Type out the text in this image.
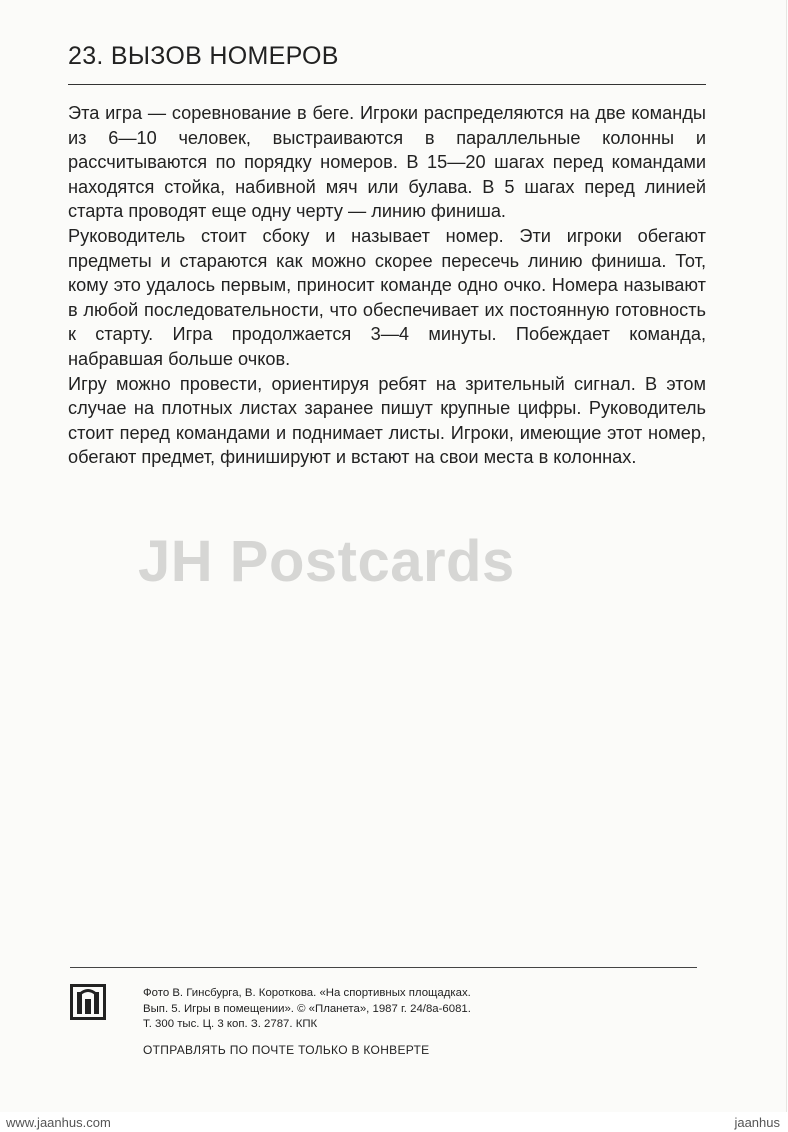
23. ВЫЗОВ НОМЕРОВ

Эта игра — соревнование в беге. Игроки распределяются на две команды из 6—10 человек, выстраиваются в параллельные колонны и рассчитываются по порядку номеров. В 15—20 шагах перед командами находятся стойка, набивной мяч или булава. В 5 шагах перед линией старта проводят еще одну черту — линию финиша.

Руководитель стоит сбоку и называет номер. Эти игроки обегают предметы и стараются как можно скорее пересечь линию финиша. Тот, кому это удалось первым, приносит команде одно очко. Номера называют в любой последовательности, что обеспечивает их постоянную готовность к старту. Игра продолжается 3—4 минуты. Побеждает команда, набравшая больше очков.

Игру можно провести, ориентируя ребят на зрительный сигнал. В этом случае на плотных листах заранее пишут крупные цифры. Руководитель стоит перед командами и поднимает листы. Игроки, имеющие этот номер, обегают предмет, финишируют и встают на свои места в колоннах.

JH Postcards
Фото В. Гинсбурга, В. Короткова. «На спортивных площадках.
Вып. 5. Игры в помещении». © «Планета», 1987 г. 24/8а-6081.
Т. 300 тыс. Ц. 3 коп. З. 2787. КПК
ОТПРАВЛЯТЬ ПО ПОЧТЕ ТОЛЬКО В КОНВЕРТЕ
www.jaanhus.com	jaanhus
